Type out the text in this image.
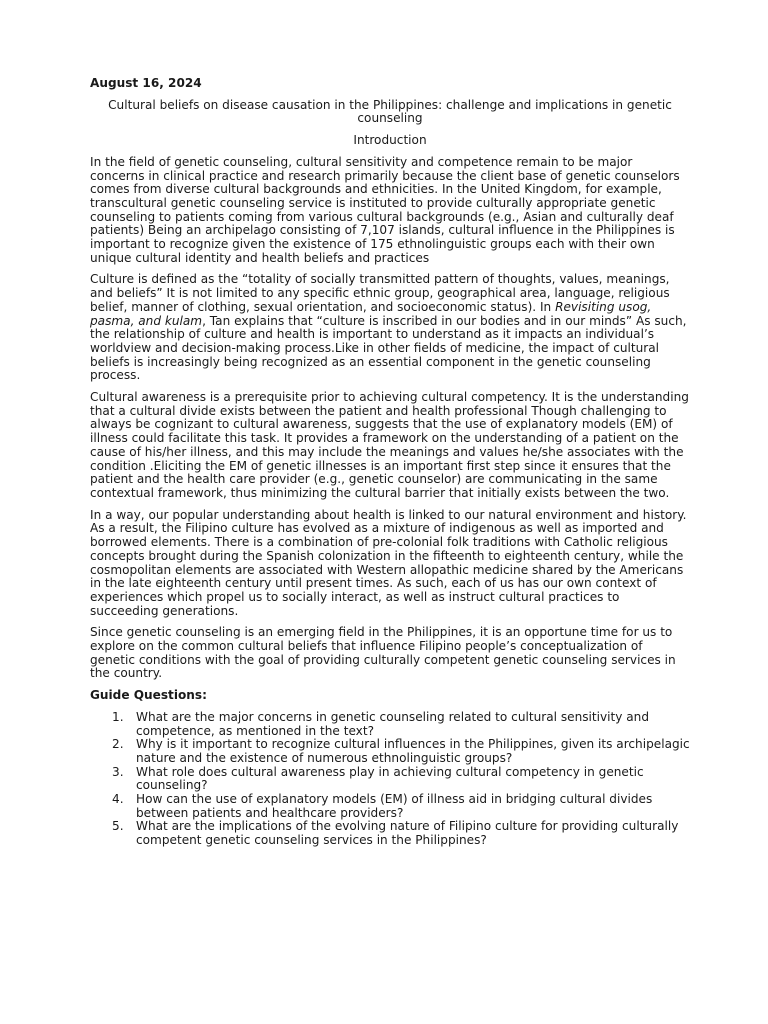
August 16, 2024
Cultural beliefs on disease causation in the Philippines: challenge and implications in genetic counseling
Introduction

In the field of genetic counseling, cultural sensitivity and competence remain to be major concerns in clinical practice and research primarily because the client base of genetic counselors comes from diverse cultural backgrounds and ethnicities. In the United Kingdom, for example, transcultural genetic counseling service is instituted to provide culturally appropriate genetic counseling to patients coming from various cultural backgrounds (e.g., Asian and culturally deaf patients) Being an archipelago consisting of 7,107 islands, cultural influence in the Philippines is important to recognize given the existence of 175 ethnolinguistic groups each with their own unique cultural identity and health beliefs and practices

Culture is defined as the “totality of socially transmitted pattern of thoughts, values, meanings, and beliefs” It is not limited to any specific ethnic group, geographical area, language, religious belief, manner of clothing, sexual orientation, and socioeconomic status). In Revisiting usog, pasma, and kulam, Tan explains that “culture is inscribed in our bodies and in our minds” As such, the relationship of culture and health is important to understand as it impacts an individual’s worldview and decision-making process.Like in other fields of medicine, the impact of cultural beliefs is increasingly being recognized as an essential component in the genetic counseling process.

Cultural awareness is a prerequisite prior to achieving cultural competency. It is the understanding that a cultural divide exists between the patient and health professional Though challenging to always be cognizant to cultural awareness, suggests that the use of explanatory models (EM) of illness could facilitate this task. It provides a framework on the understanding of a patient on the cause of his/her illness, and this may include the meanings and values he/she associates with the condition .Eliciting the EM of genetic illnesses is an important first step since it ensures that the patient and the health care provider (e.g., genetic counselor) are communicating in the same contextual framework, thus minimizing the cultural barrier that initially exists between the two.

In a way, our popular understanding about health is linked to our natural environment and history. As a result, the Filipino culture has evolved as a mixture of indigenous as well as imported and borrowed elements. There is a combination of pre-colonial folk traditions with Catholic religious concepts brought during the Spanish colonization in the fifteenth to eighteenth century, while the cosmopolitan elements are associated with Western allopathic medicine shared by the Americans in the late eighteenth century until present times. As such, each of us has our own context of experiences which propel us to socially interact, as well as instruct cultural practices to succeeding generations.

Since genetic counseling is an emerging field in the Philippines, it is an opportune time for us to explore on the common cultural beliefs that influence Filipino people’s conceptualization of genetic conditions with the goal of providing culturally competent genetic counseling services in the country.

Guide Questions:
1. What are the major concerns in genetic counseling related to cultural sensitivity and competence, as mentioned in the text?
2. Why is it important to recognize cultural influences in the Philippines, given its archipelagic nature and the existence of numerous ethnolinguistic groups?
3. What role does cultural awareness play in achieving cultural competency in genetic counseling?
4. How can the use of explanatory models (EM) of illness aid in bridging cultural divides between patients and healthcare providers?
5. What are the implications of the evolving nature of Filipino culture for providing culturally competent genetic counseling services in the Philippines?
